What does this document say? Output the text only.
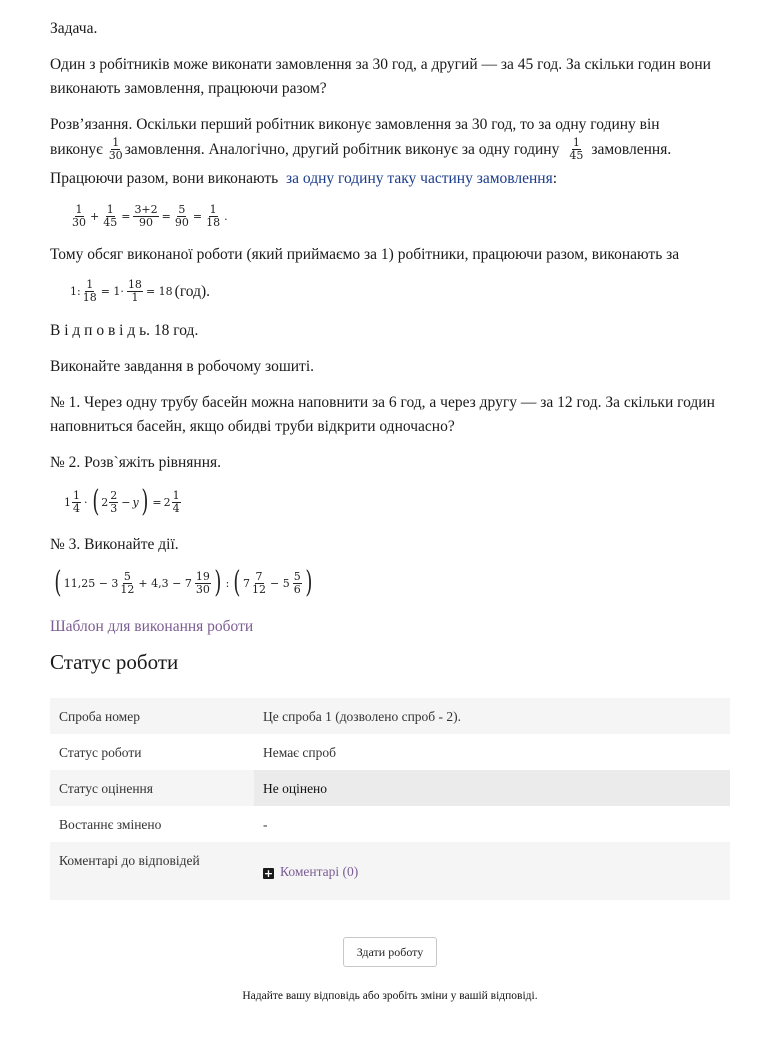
Задача.

Один з робітників може виконати замовлення за 30 год, а другий — за 45 год. За скільки годин вони виконають замовлення, працюючи разом?

Розв’язання. Оскільки перший робітник виконує замовлення за 30 год, то за одну годину він

виконує $\frac{1}{30}$ замовлення. Аналогічно, другий робітник виконує за одну годину $\frac{1}{45}$ замовлення.

Працюючи разом, вони виконають за одну годину таку частину замовлення:

$\frac{1}{30} + \frac{1}{45} = \frac{3+2}{90} = \frac{5}{90} = \frac{1}{18}$ .

Тому обсяг виконаної роботи (який приймаємо за 1) робітники, працюючи разом, виконають за

1: $\frac{1}{18} = 1\cdot \frac{18}{1} = 18$ (год).

В і д п о в і д ь. 18 год.

Виконайте завдання в робочому зошиті.

№ 1. Через одну трубу басейн можна наповнити за 6 год, а через другу — за 12 год. За скільки годин наповниться басейн, якщо обидві труби відкрити одночасно?

№ 2. Розв`яжіть рівняння.

$1 \frac{1}{4}$ · ( $2 \frac{2}{3} - y$ ) = $2 \frac{1}{4}$

№ 3. Виконайте дії.

( $11,25 - 3 \frac{5}{12} + 4,3 - 7 \frac{19}{30}$ ) : ( $7 \frac{7}{12} - 5 \frac{5}{6}$ )

Шаблон для виконання роботи

Статус роботи
Спроба номер	Це спроба 1 (дозволено спроб - 2).
Статус роботи	Немає спроб
Статус оцінення	Не оцінено
Востаннє змінено	-
Коментарі до відповідей	+ Коментарі (0)
Здати роботу
Надайте вашу відповідь або зробіть зміни у вашій відповіді.
